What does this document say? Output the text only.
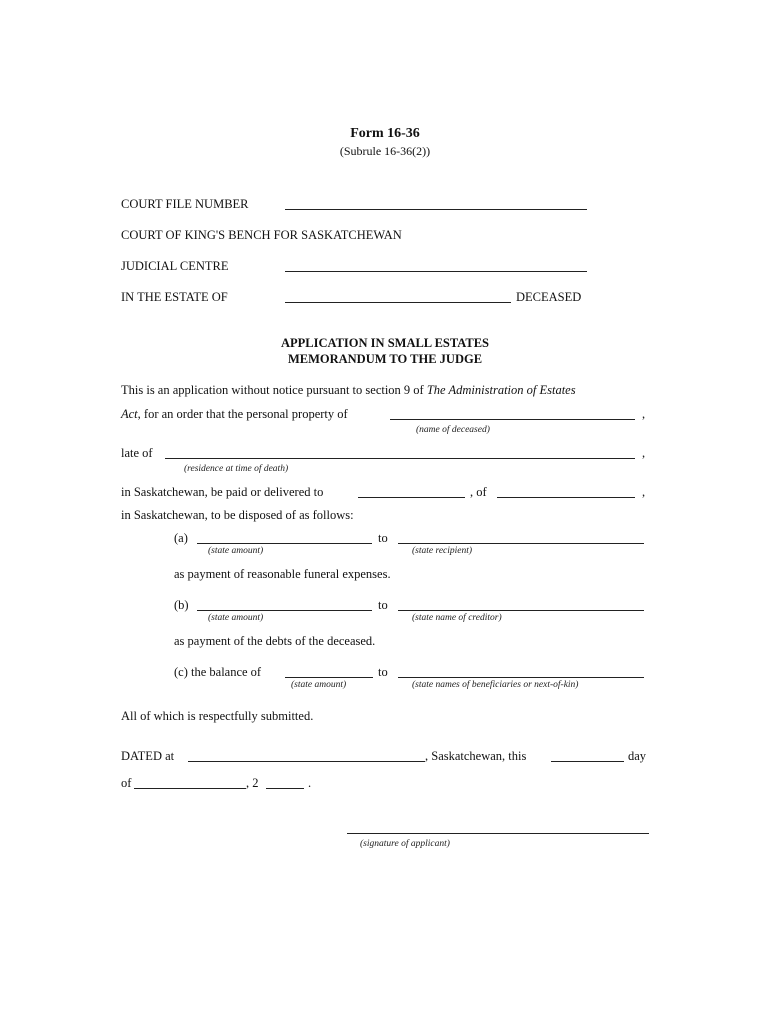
Form 16-36
(Subrule 16-36(2))
COURT FILE NUMBER
COURT OF KING'S BENCH FOR SASKATCHEWAN
JUDICIAL CENTRE
IN THE ESTATE OF	DECEASED
APPLICATION IN SMALL ESTATES
MEMORANDUM TO THE JUDGE
This is an application without notice pursuant to section 9 of The Administration of Estates
Act, for an order that the personal property of	,
(name of deceased)
late of	,
(residence at time of death)
in Saskatchewan, be paid or delivered to	, of	,
in Saskatchewan, to be disposed of as follows:
(a)	to
(state amount)	(state recipient)
as payment of reasonable funeral expenses.
(b)	to
(state amount)	(state name of creditor)
as payment of the debts of the deceased.
(c) the balance of	to
(state amount)	(state names of beneficiaries or next-of-kin)
All of which is respectfully submitted.
DATED at	, Saskatchewan, this	day
of	, 2	.
(signature of applicant)
